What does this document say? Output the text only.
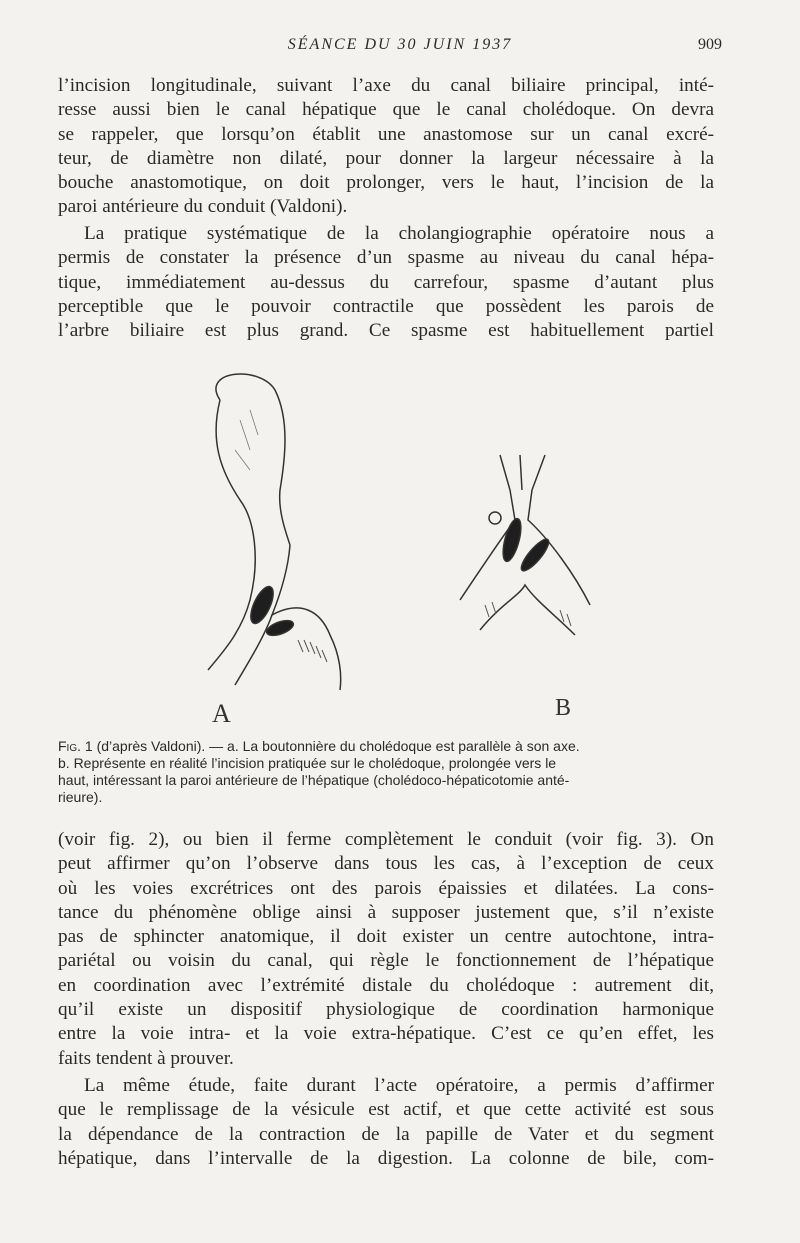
SÉANCE DU 30 JUIN 1937	909
l’incision longitudinale, suivant l’axe du canal biliaire principal, inté-
resse aussi bien le canal hépatique que le canal cholédoque. On devra
se rappeler, que lorsqu’on établit une anastomose sur un canal excré-
teur, de diamètre non dilaté, pour donner la largeur nécessaire à la
bouche anastomotique, on doit prolonger, vers le haut, l’incision de la
paroi antérieure du conduit (Valdoni).
La pratique systématique de la cholangiographie opératoire nous a
permis de constater la présence d’un spasme au niveau du canal hépa-
tique, immédiatement au-dessus du carrefour, spasme d’autant plus
perceptible que le pouvoir contractile que possèdent les parois de
l’arbre biliaire est plus grand. Ce spasme est habituellement partiel
A	B
Fig. 1 (d’après Valdoni). — a. La boutonnière du cholédoque est parallèle à son axe.
b. Représente en réalité l’incision pratiquée sur le cholédoque, prolongée vers le
haut, intéressant la paroi antérieure de l’hépatique (cholédoco-hépaticotomie anté-
rieure).
(voir fig. 2), ou bien il ferme complètement le conduit (voir fig. 3). On
peut affirmer qu’on l’observe dans tous les cas, à l’exception de ceux
où les voies excrétrices ont des parois épaissies et dilatées. La cons-
tance du phénomène oblige ainsi à supposer justement que, s’il n’existe
pas de sphincter anatomique, il doit exister un centre autochtone, intra-
pariétal ou voisin du canal, qui règle le fonctionnement de l’hépatique
en coordination avec l’extrémité distale du cholédoque : autrement dit,
qu’il existe un dispositif physiologique de coordination harmonique
entre la voie intra- et la voie extra-hépatique. C’est ce qu’en effet, les
faits tendent à prouver.
La même étude, faite durant l’acte opératoire, a permis d’affirmer
que le remplissage de la vésicule est actif, et que cette activité est sous
la dépendance de la contraction de la papille de Vater et du segment
hépatique, dans l’intervalle de la digestion. La colonne de bile, com-
